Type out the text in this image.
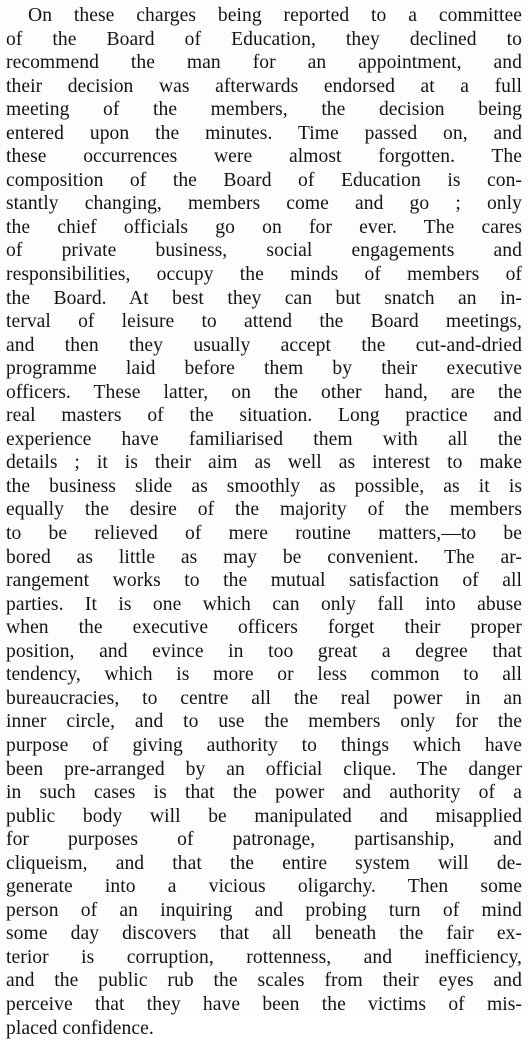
On these charges being reported to a committee
of the Board of Education, they declined to
recommend the man for an appointment, and
their decision was afterwards endorsed at a full
meeting of the members, the decision being
entered upon the minutes. Time passed on, and
these occurrences were almost forgotten. The
composition of the Board of Education is con-
stantly changing, members come and go ; only
the chief officials go on for ever. The cares
of private business, social engagements and
responsibilities, occupy the minds of members of
the Board. At best they can but snatch an in-
terval of leisure to attend the Board meetings,
and then they usually accept the cut-and-dried
programme laid before them by their executive
officers. These latter, on the other hand, are the
real masters of the situation. Long practice and
experience have familiarised them with all the
details ; it is their aim as well as interest to make
the business slide as smoothly as possible, as it is
equally the desire of the majority of the members
to be relieved of mere routine matters,—to be
bored as little as may be convenient. The ar-
rangement works to the mutual satisfaction of all
parties. It is one which can only fall into abuse
when the executive officers forget their proper
position, and evince in too great a degree that
tendency, which is more or less common to all
bureaucracies, to centre all the real power in an
inner circle, and to use the members only for the
purpose of giving authority to things which have
been pre-arranged by an official clique. The danger
in such cases is that the power and authority of a
public body will be manipulated and misapplied
for purposes of patronage, partisanship, and
cliqueism, and that the entire system will de-
generate into a vicious oligarchy. Then some
person of an inquiring and probing turn of mind
some day discovers that all beneath the fair ex-
terior is corruption, rottenness, and inefficiency,
and the public rub the scales from their eyes and
perceive that they have been the victims of mis-
placed confidence.
